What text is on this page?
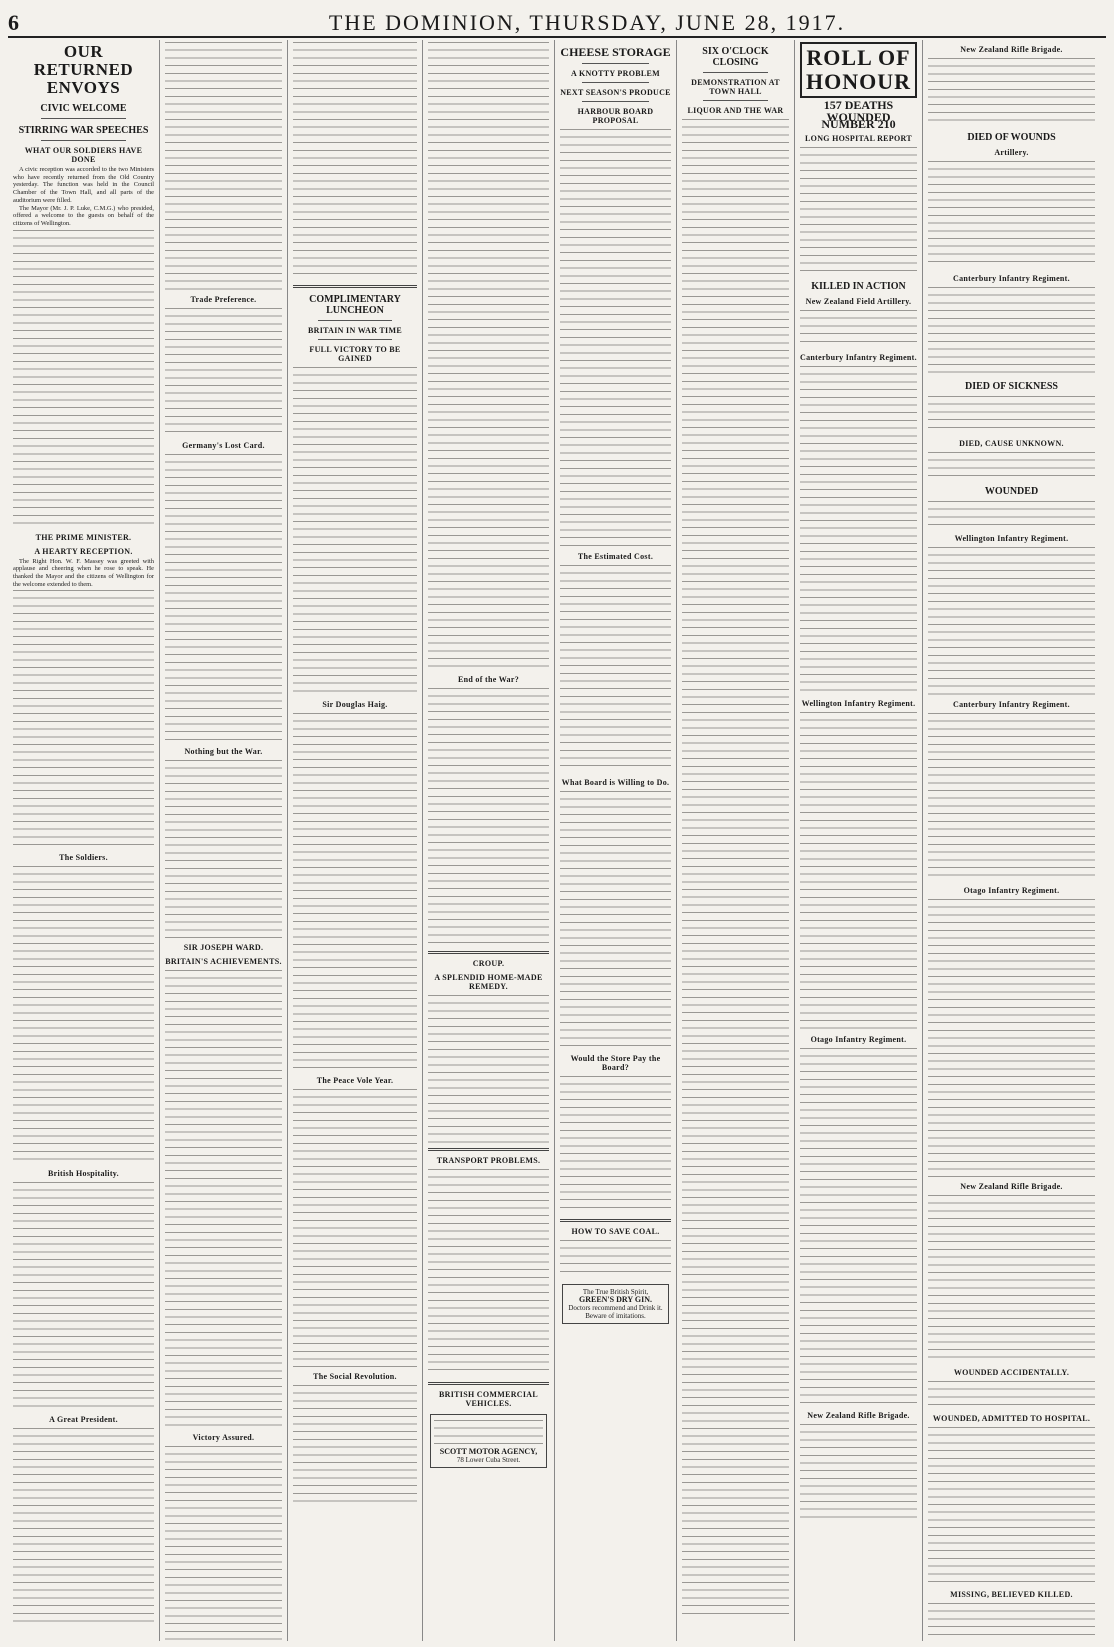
6	THE DOMINION, THURSDAY, JUNE 28, 1917.
OUR RETURNED ENVOYS
CIVIC WELCOME
STIRRING WAR SPEECHES
WHAT OUR SOLDIERS HAVE DONE

A civic reception was accorded to the two Ministers who have recently returned from the Old Country yesterday. The function was held in the Council Chamber of the Town Hall, and all parts of the auditorium were filled.

The Mayor (Mr. J. P. Luke, C.M.G.) who presided, offered a welcome to the guests on behalf of the citizens of Wellington.

THE PRIME MINISTER.
A HEARTY RECEPTION.

The Right Hon. W. F. Massey was greeted with applause and cheering when he rose to speak. He thanked the Mayor and the citizens of Wellington for the welcome extended to them.

The Soldiers.
British Hospitality.
A Great President.
Trade Preference.
Germany's Lost Card.
Nothing but the War.
SIR JOSEPH WARD.
BRITAIN'S ACHIEVEMENTS.
Victory Assured.
COMPLIMENTARY LUNCHEON
BRITAIN IN WAR TIME
FULL VICTORY TO BE GAINED
Sir Douglas Haig.
The Peace Vole Year.
The Social Revolution.
End of the War?
CROUP.
A SPLENDID HOME-MADE REMEDY.
TRANSPORT PROBLEMS.
BRITISH COMMERCIAL VEHICLES.
SCOTT MOTOR AGENCY,
78 Lower Cuba Street.
CHEESE STORAGE
A KNOTTY PROBLEM
NEXT SEASON'S PRODUCE
HARBOUR BOARD PROPOSAL
The Estimated Cost.
What Board is Willing to Do.
Would the Store Pay the Board?
HOW TO SAVE COAL.
The True British Spirit,
GREEN'S DRY GIN.
Doctors recommend and Drink it. Beware of imitations.
SIX O'CLOCK CLOSING
DEMONSTRATION AT TOWN HALL
LIQUOR AND THE WAR
ROLL OF HONOUR
157 DEATHS
WOUNDED NUMBER 210
LONG HOSPITAL REPORT
KILLED IN ACTION
New Zealand Field Artillery.
Canterbury Infantry Regiment.
Wellington Infantry Regiment.
Otago Infantry Regiment.
New Zealand Rifle Brigade.
New Zealand Rifle Brigade.
DIED OF WOUNDS
Artillery.
Canterbury Infantry Regiment.
DIED OF SICKNESS
DIED, CAUSE UNKNOWN.
WOUNDED
Wellington Infantry Regiment.
Canterbury Infantry Regiment.
Otago Infantry Regiment.
New Zealand Rifle Brigade.
WOUNDED ACCIDENTALLY.
WOUNDED, ADMITTED TO HOSPITAL.
MISSING, BELIEVED KILLED.
